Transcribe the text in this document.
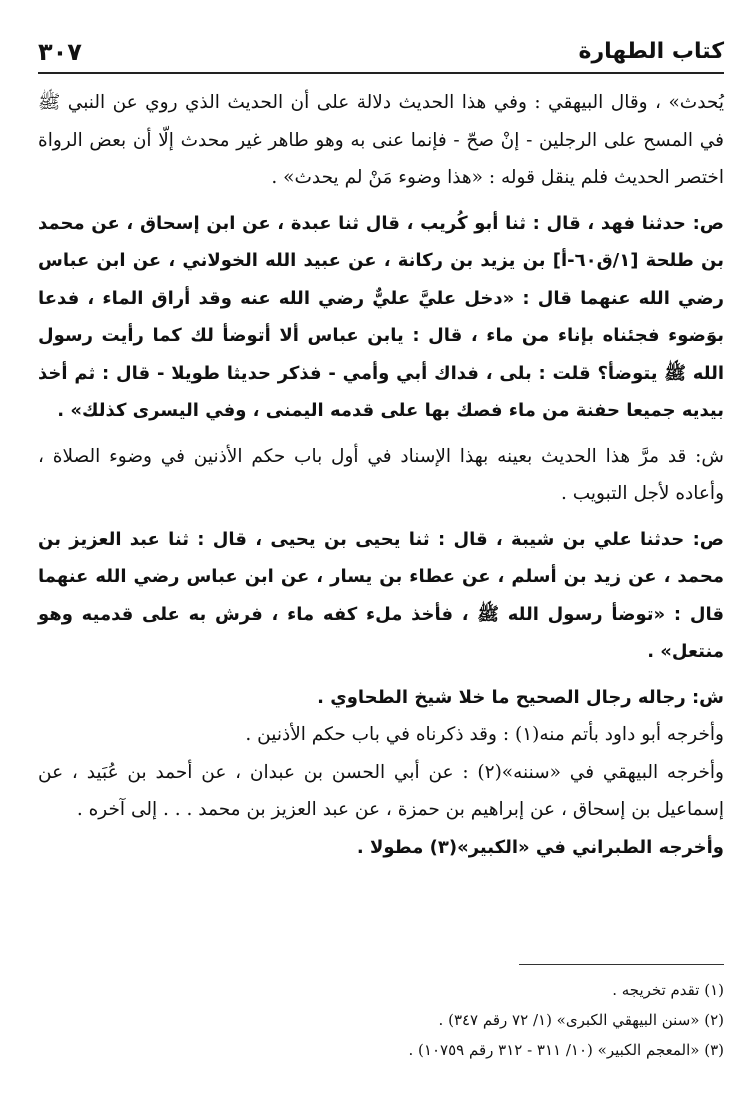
كتاب الطهارة
٣٠٧

يُحدث» ، وقال البيهقي : وفي هذا الحديث دلالة على أن الحديث الذي روي عن النبي ﷺ في المسح على الرجلين - إنْ صحّ - فإنما عنى به وهو طاهر غير محدث إلّا أن بعض الرواة اختصر الحديث فلم ينقل قوله : «هذا وضوء مَنْ لم يحدث» .

ص: حدثنا فهد ، قال : ثنا أبو كُريب ، قال ثنا عبدة ، عن ابن إسحاق ، عن محمد بن طلحة [١/ق٦٠-أ] بن يزيد بن ركانة ، عن عبيد الله الخولاني ، عن ابن عباس رضي الله عنهما قال : «دخل عليَّ عليٌّ رضي الله عنه وقد أراق الماء ، فدعا بوَضوء فجئناه بإناء من ماء ، قال : يابن عباس ألا أتوضأ لك كما رأيت رسول الله ﷺ يتوضأ؟ قلت : بلى ، فداك أبي وأمي - فذكر حديثا طويلا - قال : ثم أخذ بيديه جميعا حفنة من ماء فصك بها على قدمه اليمنى ، وفي اليسرى كذلك» .

ش: قد مرَّ هذا الحديث بعينه بهذا الإسناد في أول باب حكم الأذنين في وضوء الصلاة ، وأعاده لأجل التبويب .

ص: حدثنا علي بن شيبة ، قال : ثنا يحيى بن يحيى ، قال : ثنا عبد العزيز بن محمد ، عن زيد بن أسلم ، عن عطاء بن يسار ، عن ابن عباس رضي الله عنهما قال : «توضأ رسول الله ﷺ ، فأخذ ملء كفه ماء ، فرش به على قدميه وهو منتعل» .

ش: رجاله رجال الصحيح ما خلا شيخ الطحاوي .

وأخرجه أبو داود بأتم منه(١) : وقد ذكرناه في باب حكم الأذنين .

وأخرجه البيهقي في «سننه»(٢) : عن أبي الحسن بن عبدان ، عن أحمد بن عُبَيد ، عن إسماعيل بن إسحاق ، عن إبراهيم بن حمزة ، عن عبد العزيز بن محمد . . . إلى آخره .

وأخرجه الطبراني في «الكبير»(٣) مطولا .

(١) تقدم تخريجه .

(٢) «سنن البيهقي الكبرى» (١/ ٧٢ رقم ٣٤٧) .

(٣) «المعجم الكبير» (١٠/ ٣١١ - ٣١٢ رقم ١٠٧٥٩) .
